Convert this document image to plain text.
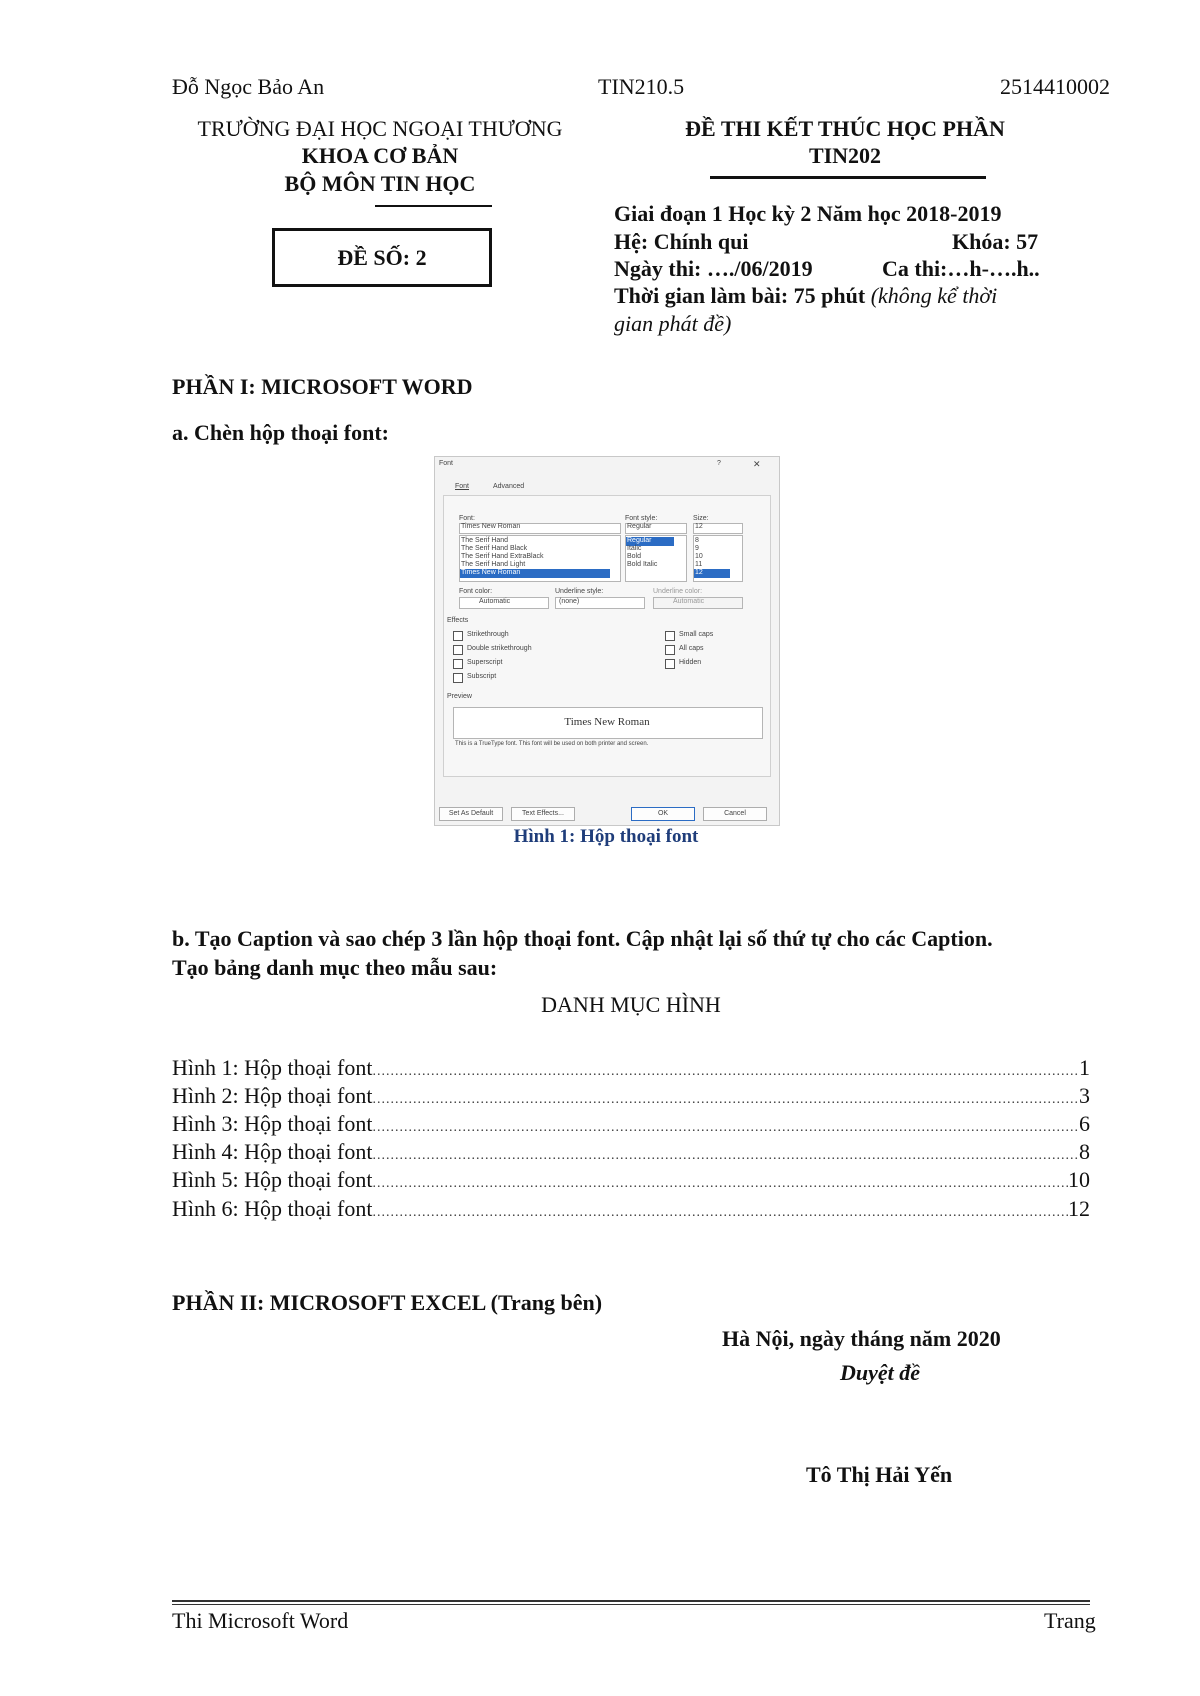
Đỗ Ngọc Bảo An	TIN210.5	2514410002
TRƯỜNG ĐẠI HỌC NGOẠI THƯƠNG
KHOA CƠ BẢN
BỘ MÔN TIN HỌC
ĐỀ SỐ: 2
ĐỀ THI KẾT THÚC HỌC PHẦN
TIN202
Giai đoạn 1 Học kỳ 2 Năm học 2018-2019
Hệ: Chính qui	Khóa: 57
Ngày thi: …./06/2019	Ca thi:…h-….h..
Thời gian làm bài: 75 phút (không kể thời
gian phát đề)
PHẦN I: MICROSOFT WORD
a. Chèn hộp thoại font:
Font	?	✕
Font	Advanced
Font:
Times New Roman
The Serif Hand
The Serif Hand Black
The Serif Hand ExtraBlack
The Serif Hand Light
Times New Roman
Font style:
Regular
Regular
Italic
Bold
Bold Italic
Size:
12
8
9
10
11
12
Font color:
Automatic
Underline style:
(none)
Underline color:
Automatic
Effects
Strikethrough
Double strikethrough
Superscript
Subscript
Small caps
All caps
Hidden
Preview
Times New Roman
This is a TrueType font. This font will be used on both printer and screen.
Set As Default	Text Effects...	OK	Cancel
Hình 1: Hộp thoại font
b. Tạo Caption và sao chép 3 lần hộp thoại font. Cập nhật lại số thứ tự cho các Caption.
Tạo bảng danh mục theo mẫu sau:
DANH MỤC HÌNH
Hình 1: Hộp thoại font .....	1
Hình 2: Hộp thoại font .....	3
Hình 3: Hộp thoại font .....	6
Hình 4: Hộp thoại font .....	8
Hình 5: Hộp thoại font .....	10
Hình 6: Hộp thoại font .....	12
PHẦN II: MICROSOFT EXCEL (Trang bên)
Hà Nội, ngày tháng năm 2020
Duyệt đề
Tô Thị Hải Yến
Thi Microsoft Word	Trang
